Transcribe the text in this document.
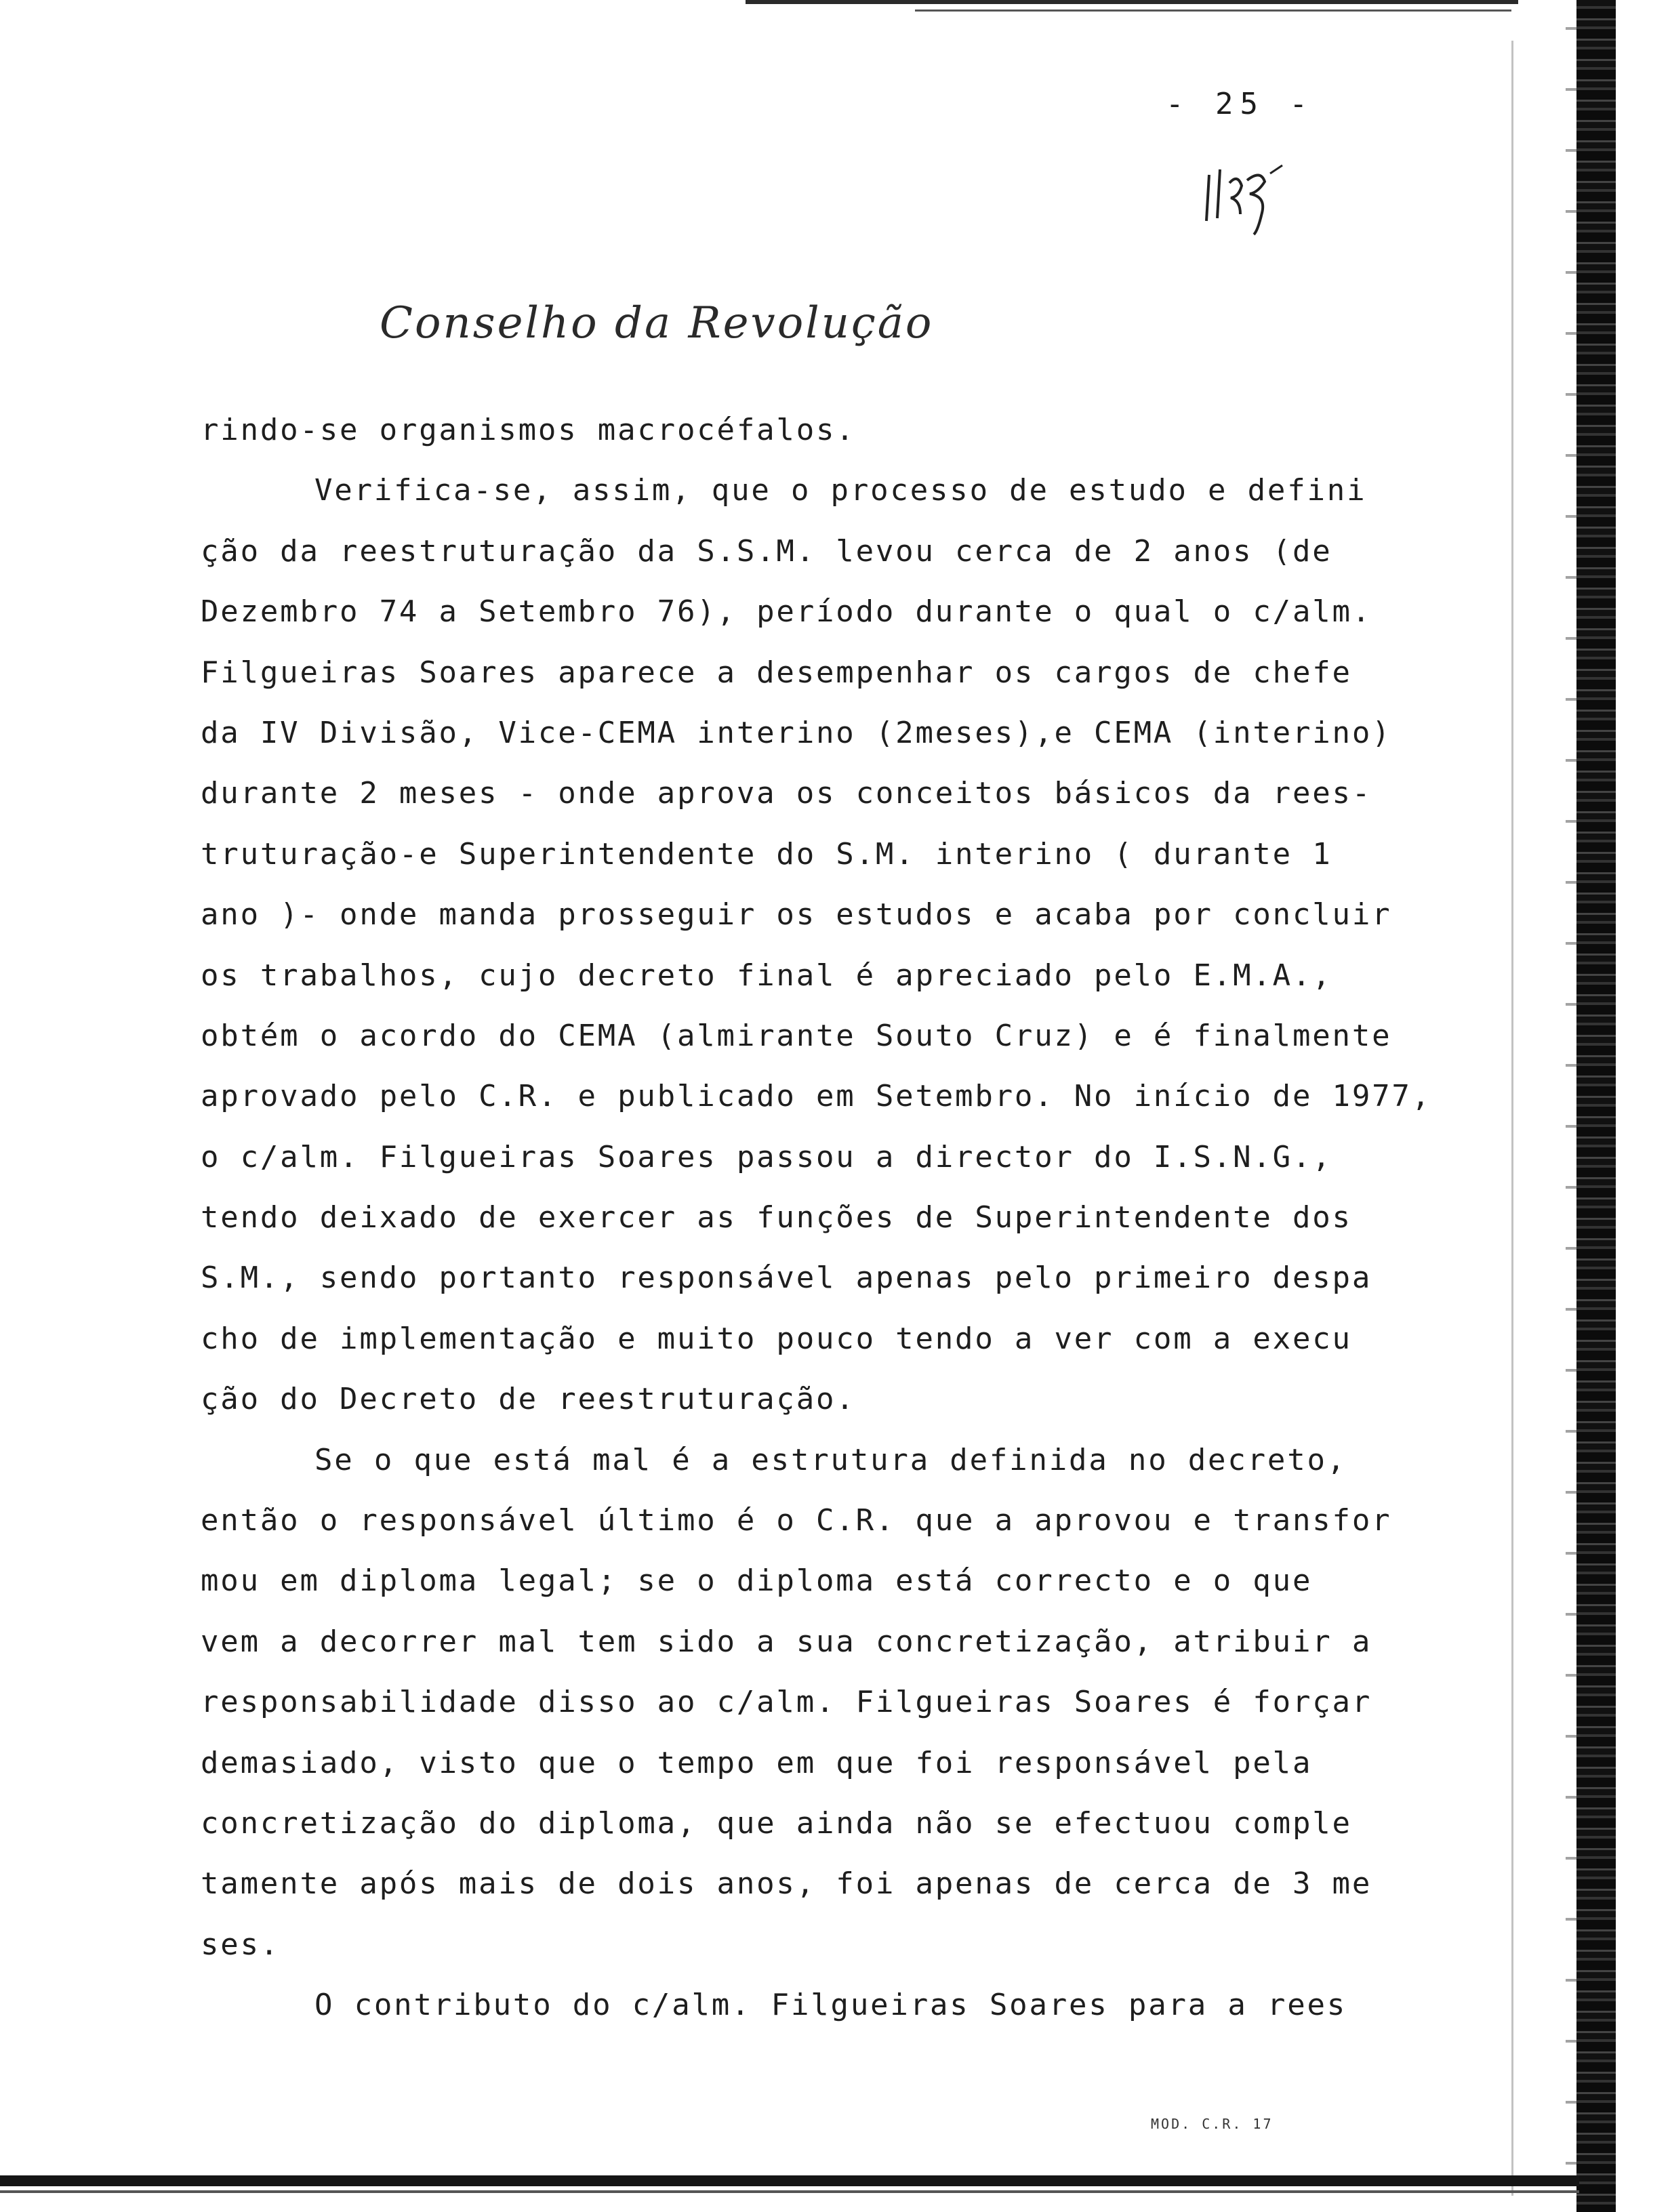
- 25 -
Conselho da Revolução
rindo-se organismos macrocéfalos.
Verifica-se, assim, que o processo de estudo e defini
ção da reestruturação da S.S.M. levou cerca de 2 anos (de
Dezembro 74 a Setembro 76), período durante o qual o c/alm.
Filgueiras Soares aparece a desempenhar os cargos de chefe
da IV Divisão, Vice-CEMA interino (2meses),e CEMA (interino)
durante 2 meses - onde aprova os conceitos básicos da rees-
truturação-e Superintendente do S.M. interino ( durante 1
ano )- onde manda prosseguir os estudos e acaba por concluir
os trabalhos, cujo decreto final é apreciado pelo E.M.A.,
obtém o acordo do CEMA (almirante Souto Cruz) e é finalmente
aprovado pelo C.R. e publicado em Setembro. No início de 1977,
o c/alm. Filgueiras Soares passou a director do I.S.N.G.,
tendo deixado de exercer as funções de Superintendente dos
S.M., sendo portanto responsável apenas pelo primeiro despa
cho de implementação e muito pouco tendo a ver com a execu
ção do Decreto de reestruturação.
Se o que está mal é a estrutura definida no decreto,
então o responsável último é o C.R. que a aprovou e transfor
mou em diploma legal; se o diploma está correcto e o que
vem a decorrer mal tem sido a sua concretização, atribuir a
responsabilidade disso ao c/alm. Filgueiras Soares é forçar
demasiado, visto que o tempo em que foi responsável pela
concretização do diploma, que ainda não se efectuou comple
tamente após mais de dois anos, foi apenas de cerca de 3 me
ses.
O contributo do c/alm. Filgueiras Soares para a rees
MOD. C.R. 17
